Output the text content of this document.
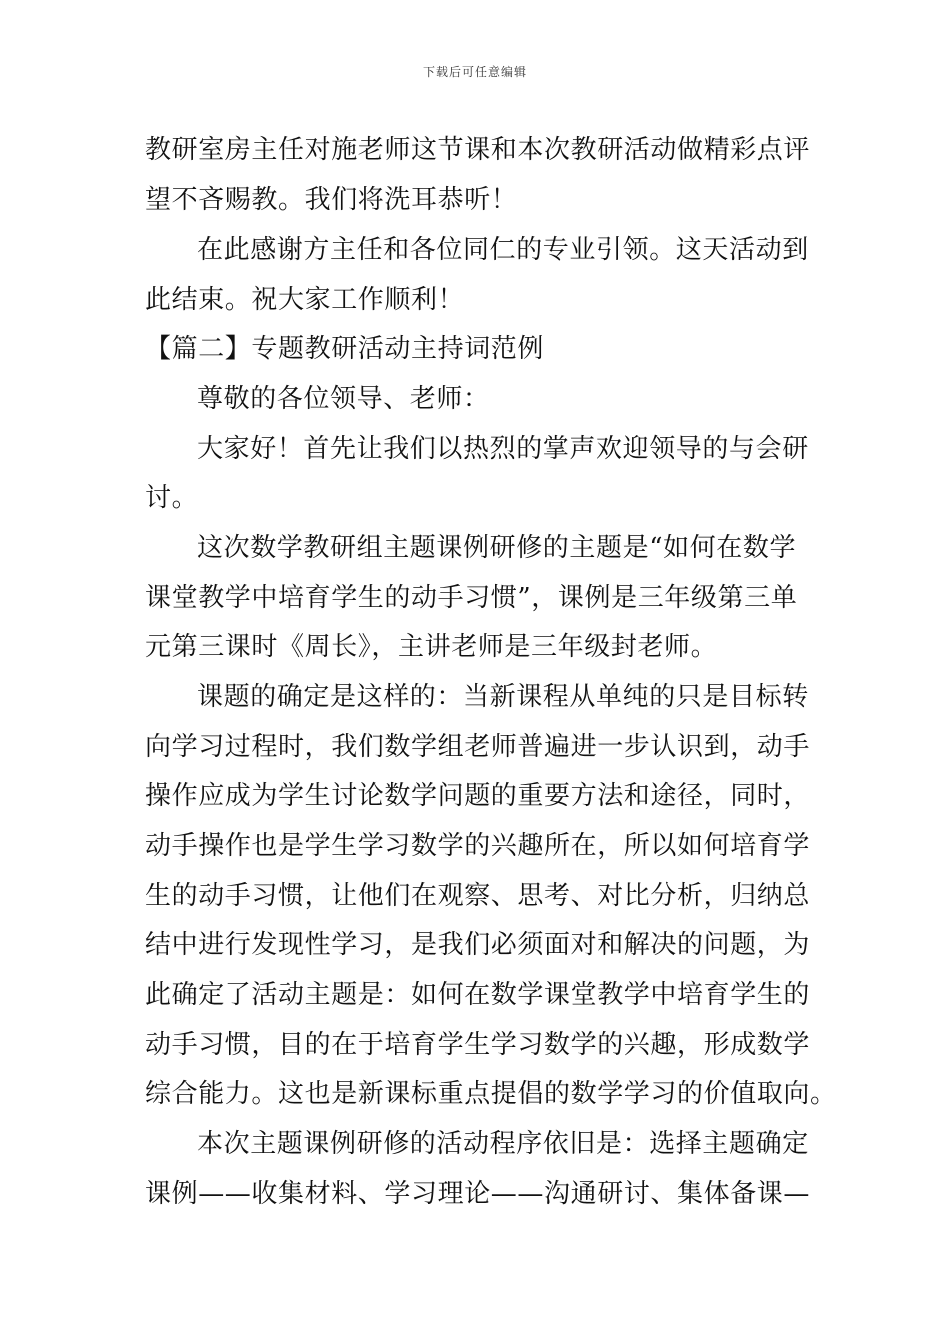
下载后可任意编辑
教研室房主任对施老师这节课和本次教研活动做精彩点评
望不吝赐教。我们将洗耳恭听！
在此感谢方主任和各位同仁的专业引领。这天活动到
此结束。祝大家工作顺利！
【篇二】专题教研活动主持词范例
尊敬的各位领导、老师：
大家好！首先让我们以热烈的掌声欢迎领导的与会研
讨。
这次数学教研组主题课例研修的主题是“如何在数学
课堂教学中培育学生的动手习惯”，课例是三年级第三单
元第三课时《周长》，主讲老师是三年级封老师。
课题的确定是这样的：当新课程从单纯的只是目标转
向学习过程时，我们数学组老师普遍进一步认识到，动手
操作应成为学生讨论数学问题的重要方法和途径，同时，
动手操作也是学生学习数学的兴趣所在，所以如何培育学
生的动手习惯，让他们在观察、思考、对比分析，归纳总
结中进行发现性学习，是我们必须面对和解决的问题，为
此确定了活动主题是：如何在数学课堂教学中培育学生的
动手习惯，目的在于培育学生学习数学的兴趣，形成数学
综合能力。这也是新课标重点提倡的数学学习的价值取向。
本次主题课例研修的活动程序依旧是：选择主题确定
课例——收集材料、学习理论——沟通研讨、集体备课—
